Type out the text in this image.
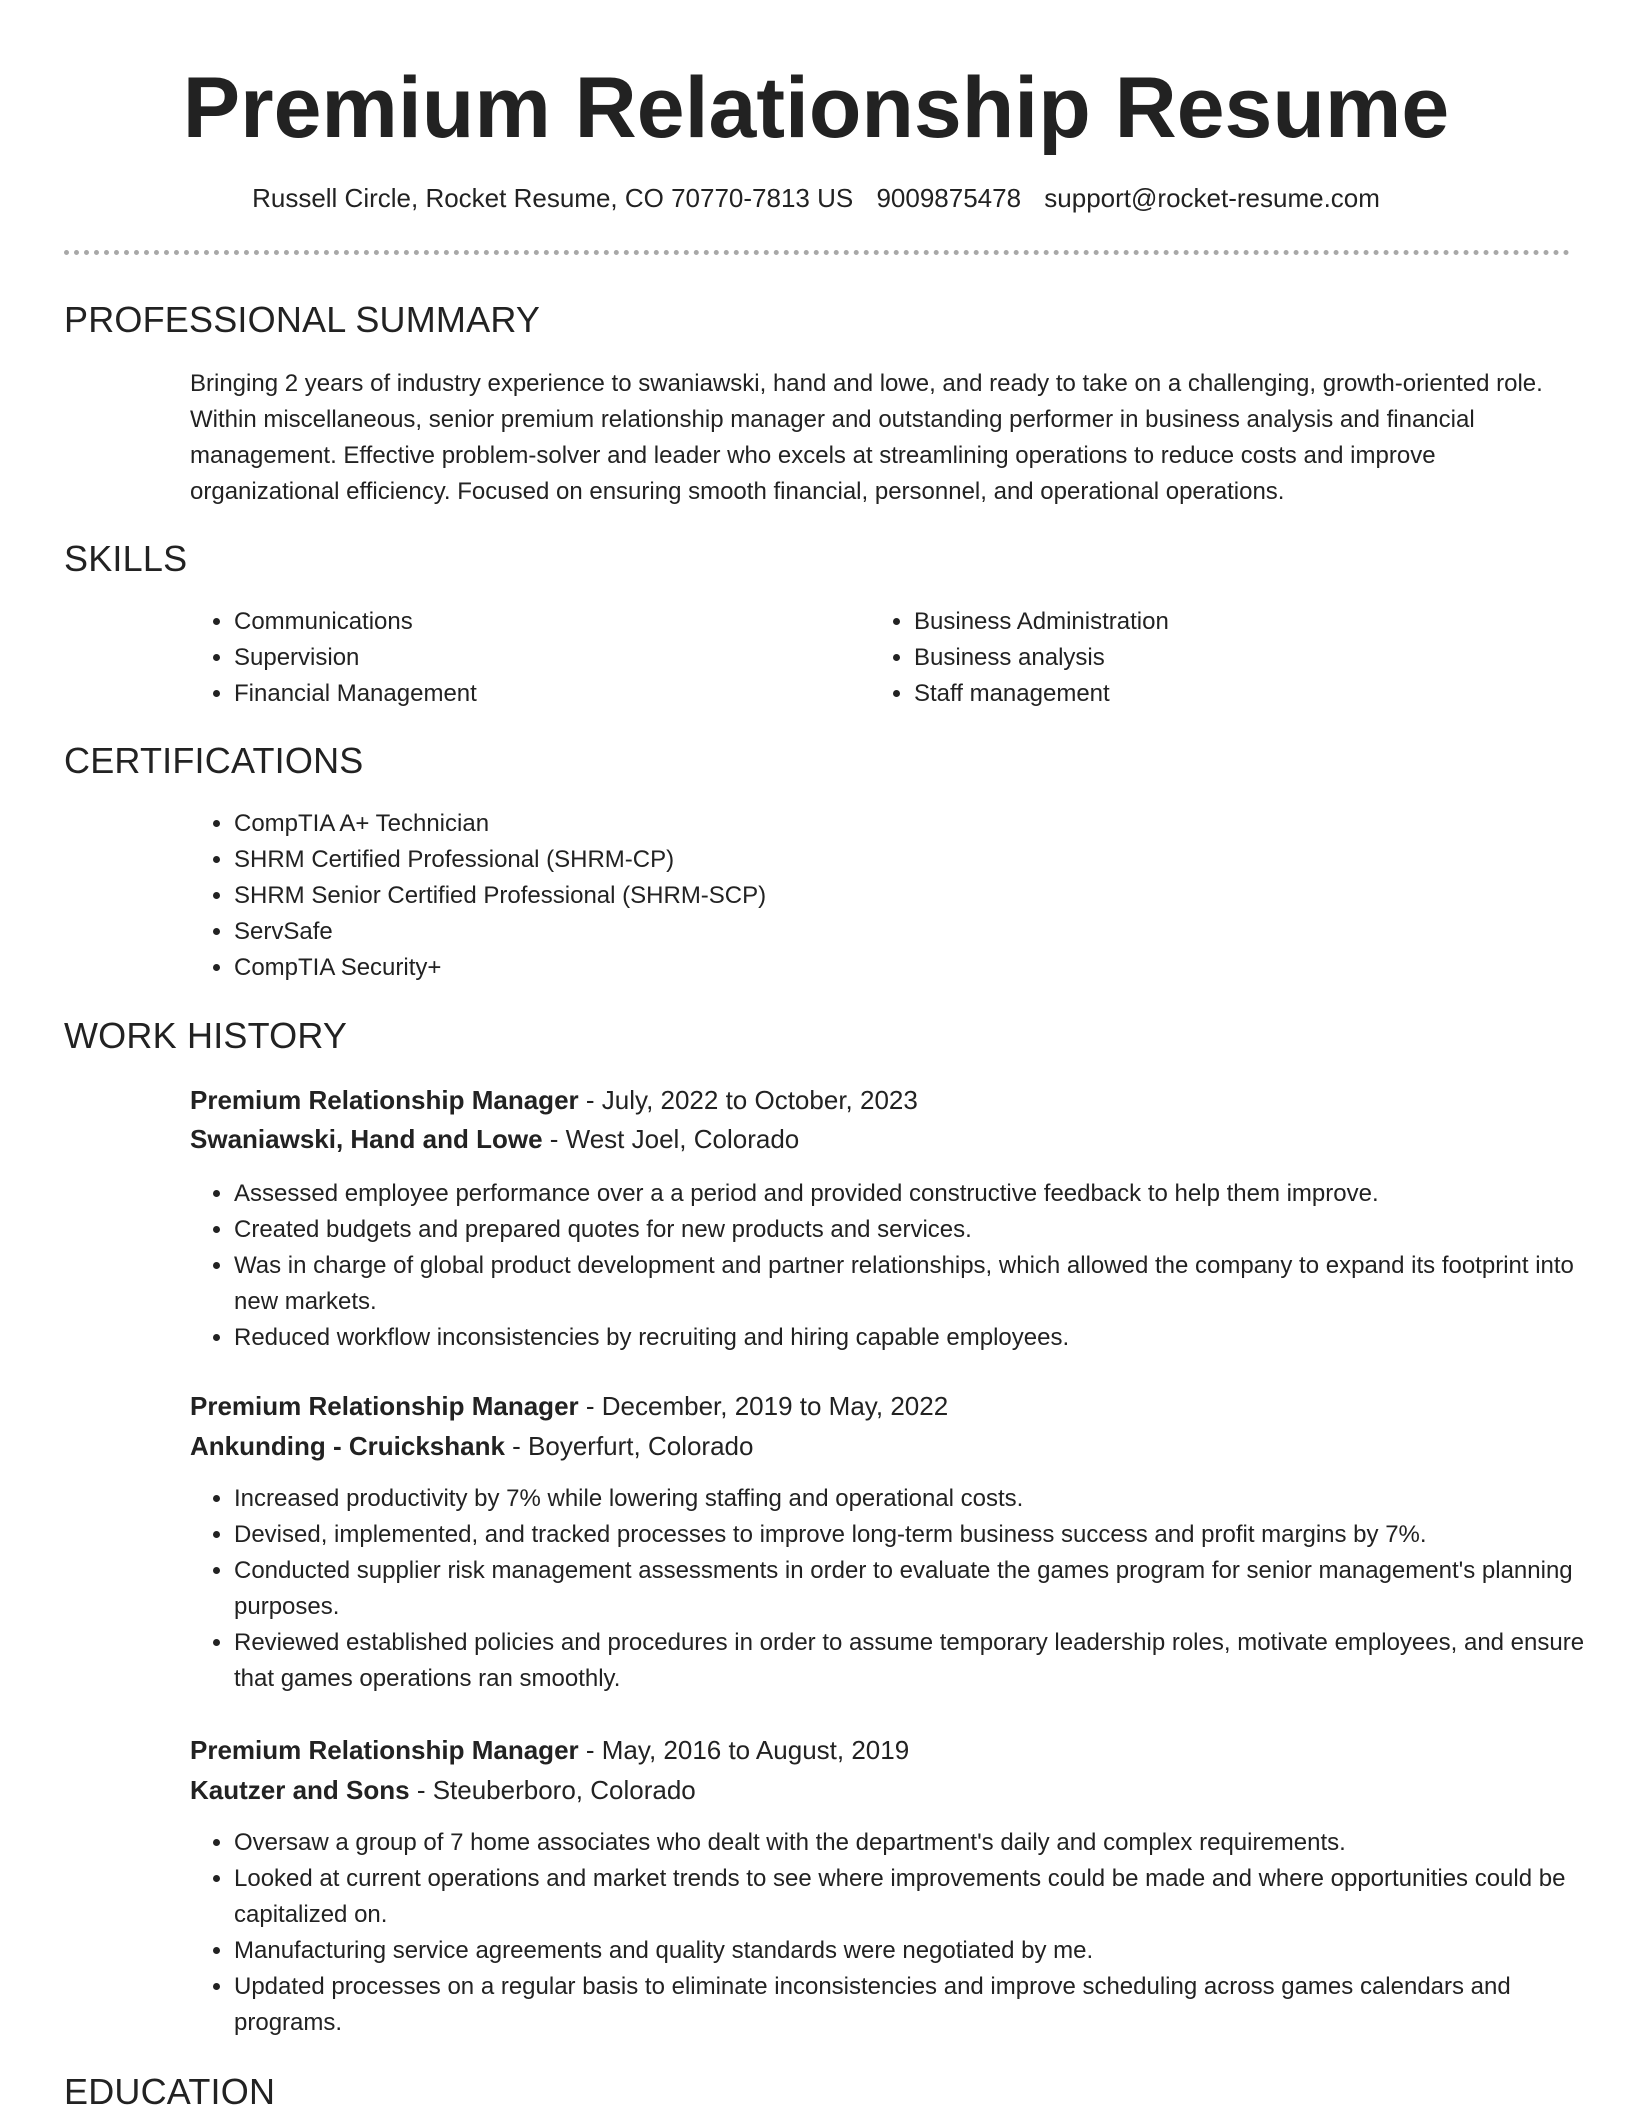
Premium Relationship Resume
Russell Circle, Rocket Resume, CO 70770-7813 US 9009875478 support@rocket-resume.com
PROFESSIONAL SUMMARY

Bringing 2 years of industry experience to swaniawski, hand and lowe, and ready to take on a challenging, growth-oriented role. Within miscellaneous, senior premium relationship manager and outstanding performer in business analysis and financial management. Effective problem-solver and leader who excels at streamlining operations to reduce costs and improve organizational efficiency. Focused on ensuring smooth financial, personnel, and operational operations.

SKILLS
• Communications
• Supervision
• Financial Management
• Business Administration
• Business analysis
• Staff management
CERTIFICATIONS
• CompTIA A+ Technician
• SHRM Certified Professional (SHRM-CP)
• SHRM Senior Certified Professional (SHRM-SCP)
• ServSafe
• CompTIA Security+
WORK HISTORY
Premium Relationship Manager - July, 2022 to October, 2023
Swaniawski, Hand and Lowe - West Joel, Colorado
• Assessed employee performance over a a period and provided constructive feedback to help them improve.
• Created budgets and prepared quotes for new products and services.
• Was in charge of global product development and partner relationships, which allowed the company to expand its footprint into new markets.
• Reduced workflow inconsistencies by recruiting and hiring capable employees.
Premium Relationship Manager - December, 2019 to May, 2022
Ankunding - Cruickshank - Boyerfurt, Colorado
• Increased productivity by 7% while lowering staffing and operational costs.
• Devised, implemented, and tracked processes to improve long-term business success and profit margins by 7%.
• Conducted supplier risk management assessments in order to evaluate the games program for senior management's planning purposes.
• Reviewed established policies and procedures in order to assume temporary leadership roles, motivate employees, and ensure that games operations ran smoothly.
Premium Relationship Manager - May, 2016 to August, 2019
Kautzer and Sons - Steuberboro, Colorado
• Oversaw a group of 7 home associates who dealt with the department's daily and complex requirements.
• Looked at current operations and market trends to see where improvements could be made and where opportunities could be capitalized on.
• Manufacturing service agreements and quality standards were negotiated by me.
• Updated processes on a regular basis to eliminate inconsistencies and improve scheduling across games calendars and programs.
EDUCATION
